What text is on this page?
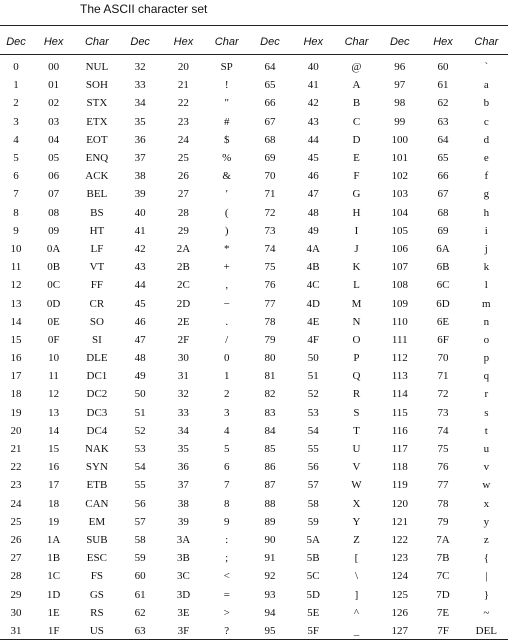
The ASCII character set
Dec	Hex	Char	Dec	Hex	Char	Dec	Hex	Char	Dec	Hex	Char
0	00	NUL	32	20	SP	64	40	@	96	60	`
1	01	SOH	33	21	!	65	41	A	97	61	a
2	02	STX	34	22	"	66	42	B	98	62	b
3	03	ETX	35	23	#	67	43	C	99	63	c
4	04	EOT	36	24	$	68	44	D	100	64	d
5	05	ENQ	37	25	%	69	45	E	101	65	e
6	06	ACK	38	26	&	70	46	F	102	66	f
7	07	BEL	39	27	'	71	47	G	103	67	g
8	08	BS	40	28	(	72	48	H	104	68	h
9	09	HT	41	29	)	73	49	I	105	69	i
10	0A	LF	42	2A	*	74	4A	J	106	6A	j
11	0B	VT	43	2B	+	75	4B	K	107	6B	k
12	0C	FF	44	2C	,	76	4C	L	108	6C	l
13	0D	CR	45	2D	−	77	4D	M	109	6D	m
14	0E	SO	46	2E	.	78	4E	N	110	6E	n
15	0F	SI	47	2F	/	79	4F	O	111	6F	o
16	10	DLE	48	30	0	80	50	P	112	70	p
17	11	DC1	49	31	1	81	51	Q	113	71	q
18	12	DC2	50	32	2	82	52	R	114	72	r
19	13	DC3	51	33	3	83	53	S	115	73	s
20	14	DC4	52	34	4	84	54	T	116	74	t
21	15	NAK	53	35	5	85	55	U	117	75	u
22	16	SYN	54	36	6	86	56	V	118	76	v
23	17	ETB	55	37	7	87	57	W	119	77	w
24	18	CAN	56	38	8	88	58	X	120	78	x
25	19	EM	57	39	9	89	59	Y	121	79	y
26	1A	SUB	58	3A	:	90	5A	Z	122	7A	z
27	1B	ESC	59	3B	;	91	5B	[	123	7B	{
28	1C	FS	60	3C	<	92	5C	\	124	7C	|
29	1D	GS	61	3D	=	93	5D	]	125	7D	}
30	1E	RS	62	3E	>	94	5E	^	126	7E	~
31	1F	US	63	3F	?	95	5F	_	127	7F	DEL
